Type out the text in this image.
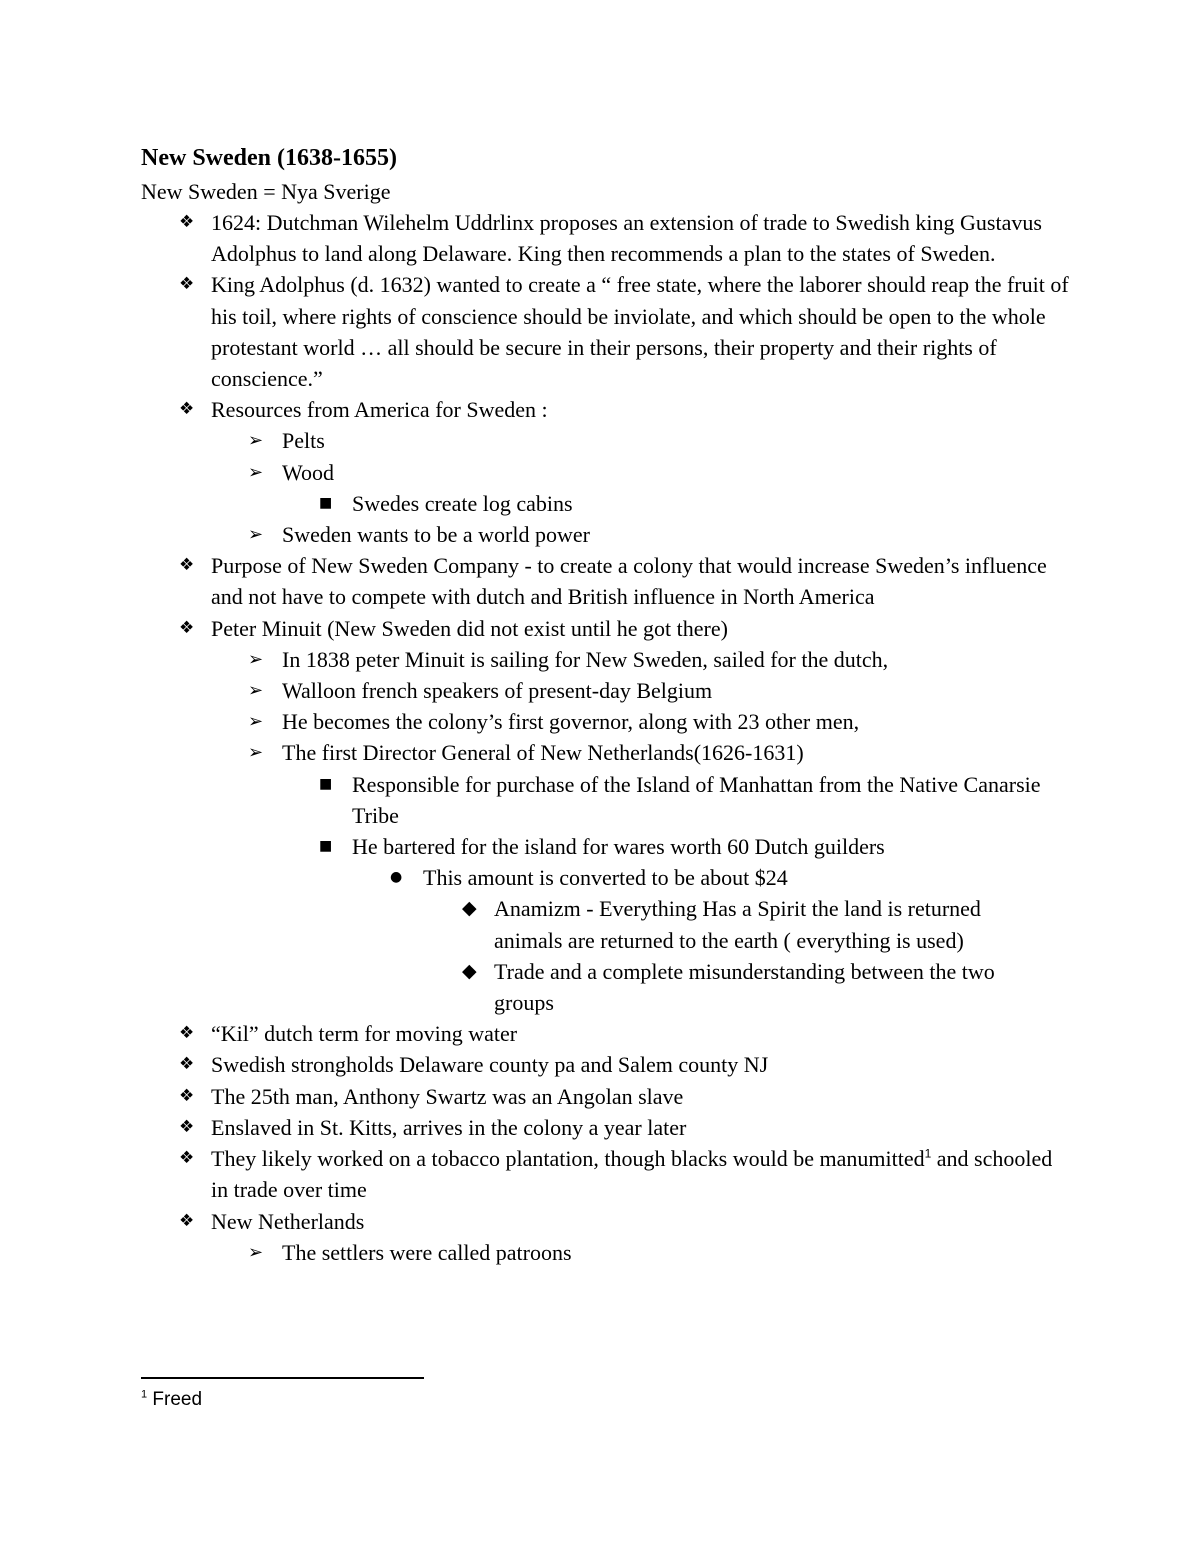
New Sweden (1638-1655)
New Sweden = Nya Sverige
❖ 1624: Dutchman Wilehelm Uddrlinx proposes an extension of trade to Swedish king Gustavus Adolphus to land along Delaware. King then recommends a plan to the states of Sweden.
❖ King Adolphus (d. 1632) wanted to create a “ free state, where the laborer should reap the fruit of his toil, where rights of conscience should be inviolate, and which should be open to the whole protestant world … all should be secure in their persons, their property and their rights of conscience.”
❖ Resources from America for Sweden :
➢ Pelts
➢ Wood
■ Swedes create log cabins
➢ Sweden wants to be a world power
❖ Purpose of New Sweden Company - to create a colony that would increase Sweden’s influence and not have to compete with dutch and British influence in North America
❖ Peter Minuit (New Sweden did not exist until he got there)
➢ In 1838 peter Minuit is sailing for New Sweden, sailed for the dutch,
➢ Walloon french speakers of present-day Belgium
➢ He becomes the colony’s first governor, along with 23 other men,
➢ The first Director General of New Netherlands(1626-1631)
■ Responsible for purchase of the Island of Manhattan from the Native Canarsie Tribe
■ He bartered for the island for wares worth 60 Dutch guilders
● This amount is converted to be about $24
◆ Anamizm - Everything Has a Spirit the land is returned animals are returned to the earth ( everything is used)
◆ Trade and a complete misunderstanding between the two groups
❖ “Kil” dutch term for moving water
❖ Swedish strongholds Delaware county pa and Salem county NJ
❖ The 25th man, Anthony Swartz was an Angolan slave
❖ Enslaved in St. Kitts, arrives in the colony a year later
❖ They likely worked on a tobacco plantation, though blacks would be manumitted$^1$ and schooled in trade over time
❖ New Netherlands
➢ The settlers were called patroons
$^1$ Freed
